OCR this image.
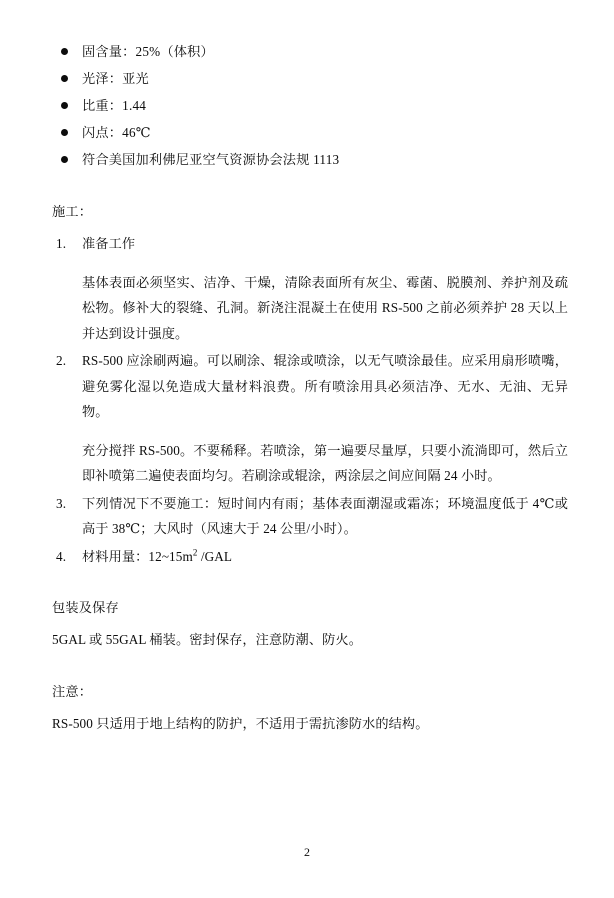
固含量：25%（体积）
光泽：亚光
比重：1.44
闪点：46℃
符合美国加利佛尼亚空气资源协会法规 1113
施工：
1. 准备工作

基体表面必须坚实、洁净、干燥，清除表面所有灰尘、霉菌、脱膜剂、养护剂及疏松物。修补大的裂缝、孔洞。新浇注混凝土在使用 RS-500 之前必须养护 28 天以上并达到设计强度。

2. RS-500 应涂刷两遍。可以刷涂、辊涂或喷涂，以无气喷涂最佳。应采用扇形喷嘴，避免雾化湿以免造成大量材料浪费。所有喷涂用具必须洁净、无水、无油、无异物。

充分搅拌 RS-500。不要稀释。若喷涂，第一遍要尽量厚，只要小流淌即可，然后立即补喷第二遍使表面均匀。若刷涂或辊涂，两涂层之间应间隔 24 小时。

3. 下列情况下不要施工：短时间内有雨；基体表面潮湿或霜冻；环境温度低于 4℃或高于 38℃；大风时（风速大于 24 公里/小时）。

4. 材料用量：$12\sim 15m^2$ /GAL

包装及保存
5GAL 或 55GAL 桶装。密封保存，注意防潮、防火。
注意：
RS-500 只适用于地上结构的防护，不适用于需抗渗防水的结构。
2
